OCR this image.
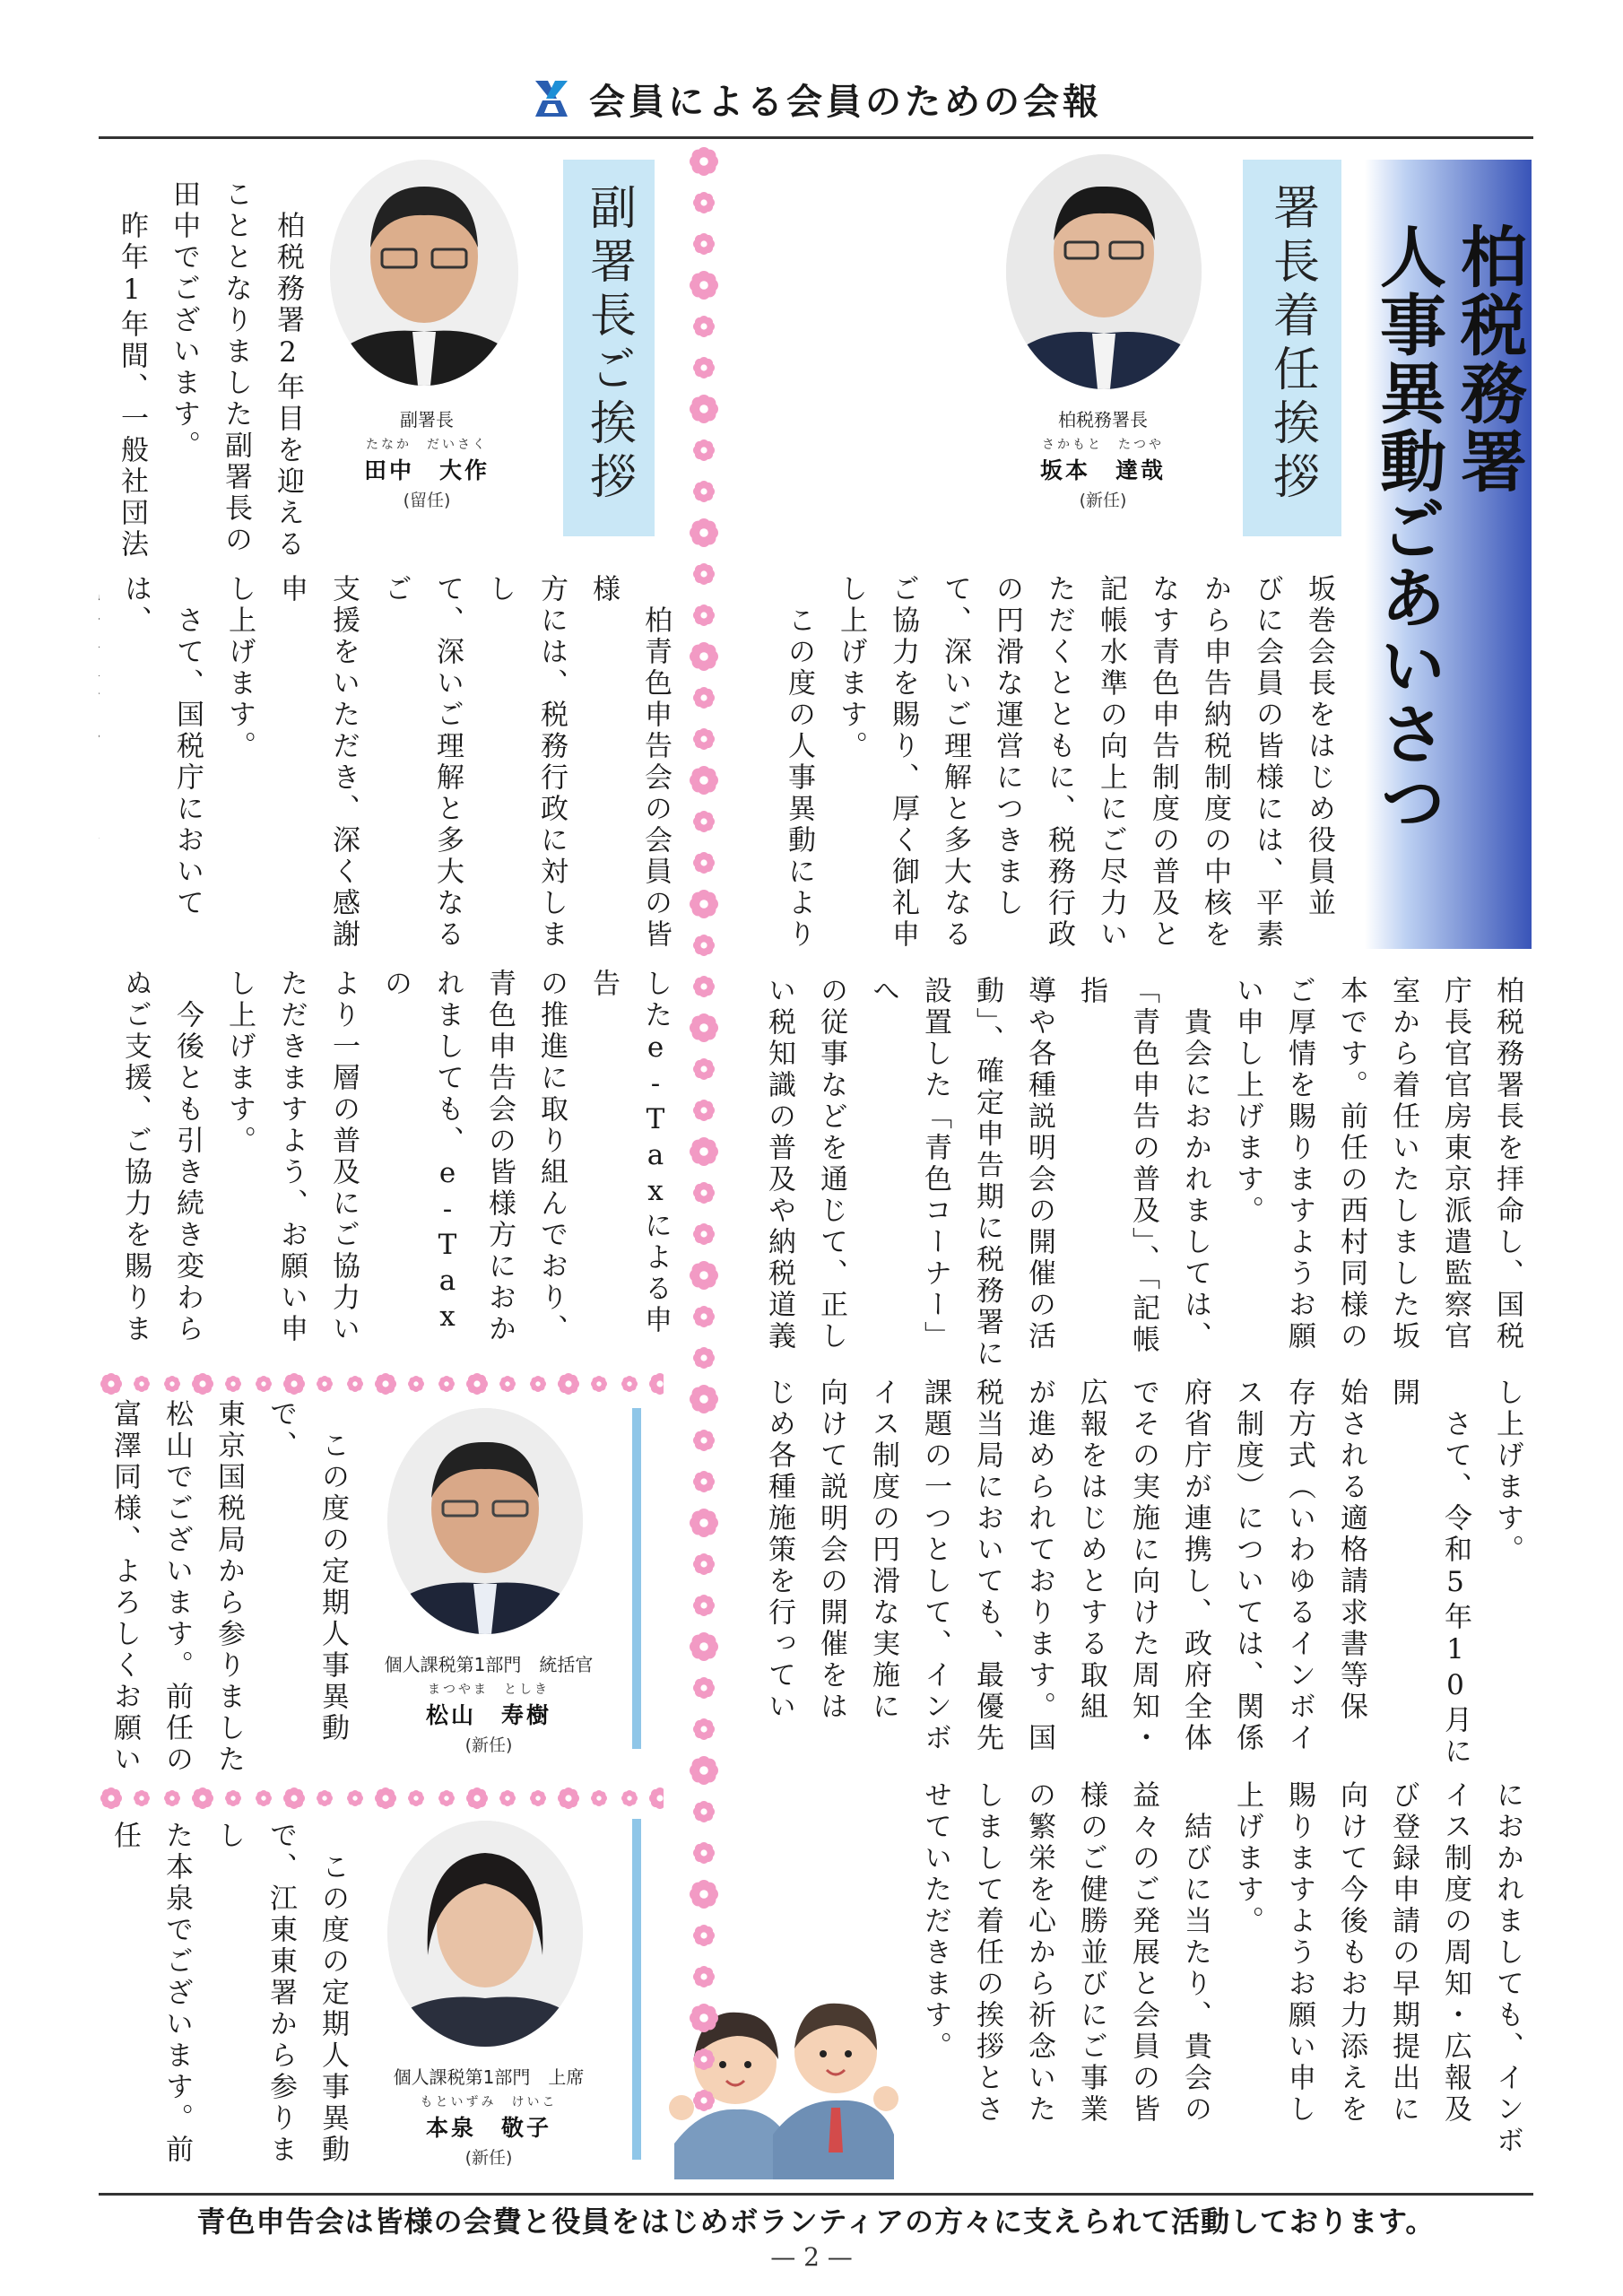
会員による会員のための会報
柏税務署
人事異動ごあいさつ
署長着任挨拶
柏税務署長
さかもと　たつや
坂本　達哉
(新任)
坂巻会長をはじめ役員並
びに会員の皆様には、平素
から申告納税制度の中核を
なす青色申告制度の普及と
記帳水準の向上にご尽力い
ただくとともに、税務行政
の円滑な運営につきまし
て、深いご理解と多大なる
ご協力を賜り、厚く御礼申
し上げます。
　この度の人事異動により
柏税務署長を拝命し、国税
庁長官官房東京派遣監察官
室から着任いたしました坂
本です。前任の西村同様の
ご厚情を賜りますようお願
い申し上げます。
　貴会におかれましては、
「青色申告の普及」、「記帳指
導や各種説明会の開催の活
動」、確定申告期に税務署に
設置した「青色コーナー」へ
の従事などを通じて、正し
い税知識の普及や納税道義

し上げます。
　さて、令和5年10月に開
始される適格請求書等保
存方式（いわゆるインボイ
ス制度）については、関係
府省庁が連携し、政府全体
でその実施に向けた周知・
広報をはじめとする取組
が進められております。国
税当局においても、最優先
課題の一つとして、インボ
イス制度の円滑な実施に
向けて説明会の開催をは
じめ各種施策を行ってい

におかれましても、インボ
イス制度の周知・広報及
び登録申請の早期提出に
向けて今後もお力添えを
賜りますようお願い申し
上げます。
　結びに当たり、貴会の
益々のご発展と会員の皆
様のご健勝並びにご事業
の繁栄を心から祈念いた
しまして着任の挨拶とさ
せていただきます。
副署長ご挨拶
副署長
たなか　だいさく
田中　大作
(留任)
　柏税務署2年目を迎える
こととなりました副署長の
田中でございます。
　昨年1年間、一般社団法
　柏青色申告会の会員の皆様
方には、税務行政に対しまし
て、深いご理解と多大なるご
支援をいただき、深く感謝申
し上げます。
　さて、国税庁においては、

したe-Taxによる申告
の推進に取り組んでおり、
青色申告会の皆様方におか
れましても、e-Taxの
より一層の普及にご協力い
ただきますよう、お願い申
し上げます。
　今後とも引き続き変わら
ぬご支援、ご協力を賜りま

個人課税第1部門　統括官
まつやま　としき
松山　寿樹
(新任)
　この度の定期人事異動で、
東京国税局から参りました
松山でございます。前任の
富澤同様、よろしくお願い

個人課税第1部門　上席
もといずみ　けいこ
本泉　敬子
(新任)
　この度の定期人事異動
で、江東東署から参りまし
た本泉でございます。前任

青色申告会は皆様の会費と役員をはじめボランティアの方々に支えられて活動しております。
— 2 —
